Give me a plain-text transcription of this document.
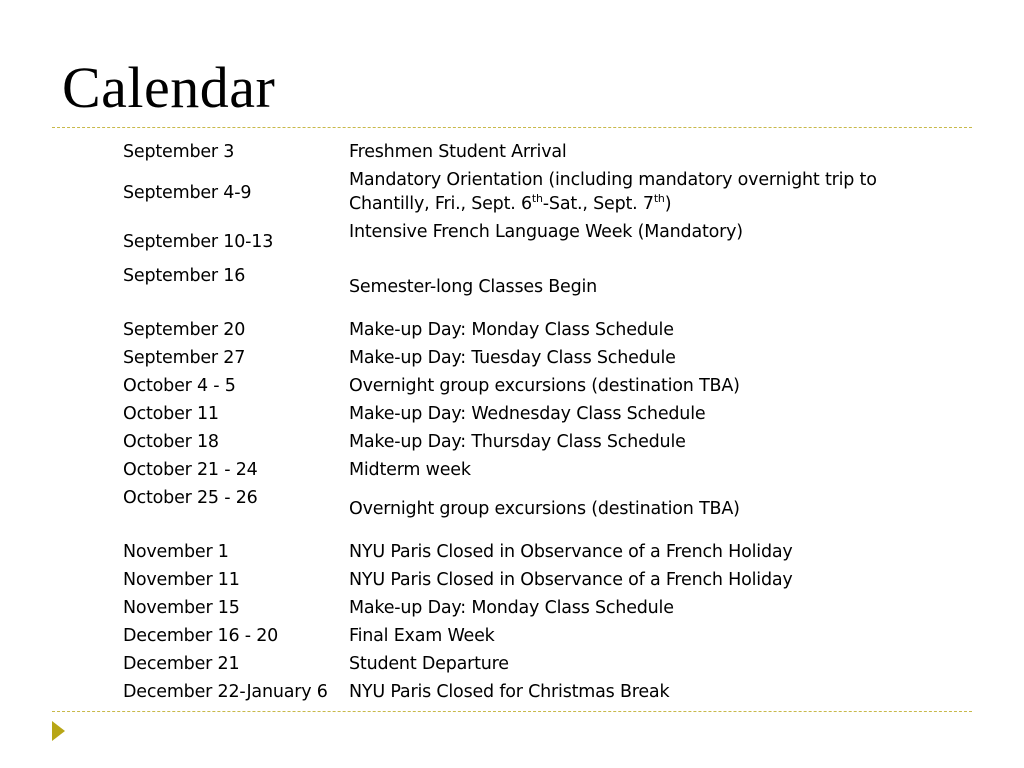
Calendar
September 3	Freshmen Student Arrival
September 4-9	Mandatory Orientation (including mandatory overnight trip to Chantilly, Fri., Sept. 6th-Sat., Sept. 7th)
September 10-13	Intensive French Language Week (Mandatory)
September 16	Semester-long Classes Begin
September 20	Make-up Day: Monday Class Schedule
September 27	Make-up Day: Tuesday Class Schedule
October 4 - 5	Overnight group excursions (destination TBA)
October 11	Make-up Day: Wednesday Class Schedule
October 18	Make-up Day: Thursday Class Schedule
October 21 - 24	Midterm week
October 25 - 26	Overnight group excursions (destination TBA)
November 1	NYU Paris Closed in Observance of a French Holiday
November 11	NYU Paris Closed in Observance of a French Holiday
November 15	Make-up Day: Monday Class Schedule
December 16 - 20	Final Exam Week
December 21	Student Departure
December 22-January 6	NYU Paris Closed for Christmas Break
